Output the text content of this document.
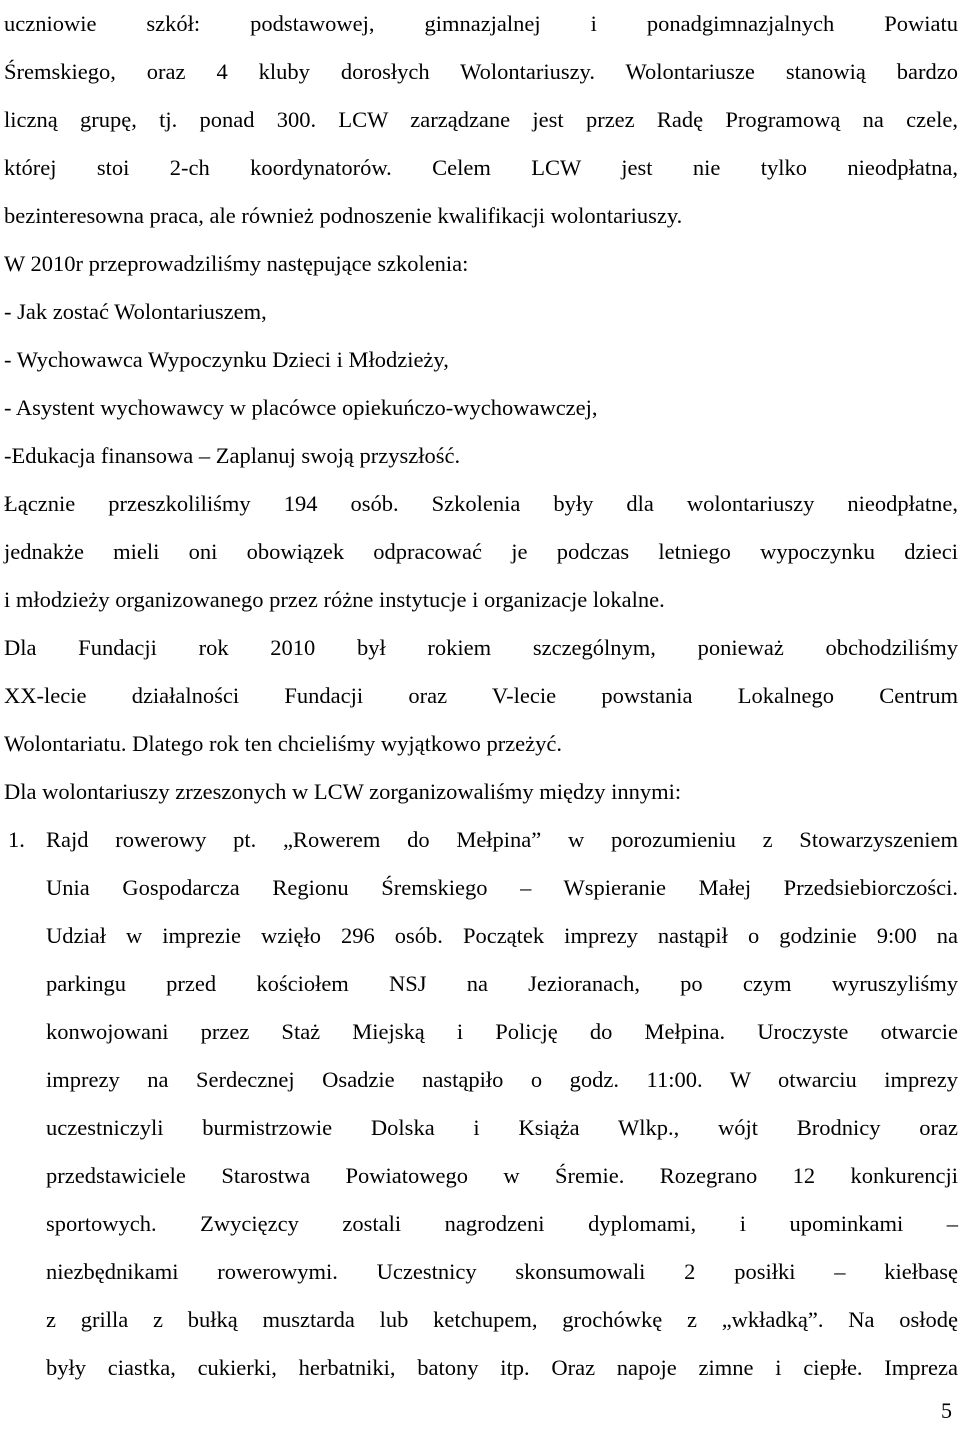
uczniowie szkół: podstawowej, gimnazjalnej i ponadgimnazjalnych Powiatu
Śremskiego, oraz 4 kluby dorosłych Wolontariuszy. Wolontariusze stanowią bardzo
liczną grupę, tj. ponad 300. LCW zarządzane jest przez Radę Programową na czele,
której stoi 2-ch koordynatorów. Celem LCW jest nie tylko nieodpłatna,
bezinteresowna praca, ale również podnoszenie kwalifikacji wolontariuszy.
W 2010r przeprowadziliśmy następujące szkolenia:
- Jak zostać Wolontariuszem,
- Wychowawca Wypoczynku Dzieci i Młodzieży,
- Asystent wychowawcy w placówce opiekuńczo-wychowawczej,
-Edukacja finansowa – Zaplanuj swoją przyszłość.
Łącznie przeszkoliliśmy 194 osób. Szkolenia były dla wolontariuszy nieodpłatne,
jednakże mieli oni obowiązek odpracować je podczas letniego wypoczynku dzieci
i młodzieży organizowanego przez różne instytucje i organizacje lokalne.
Dla Fundacji rok 2010 był rokiem szczególnym, ponieważ obchodziliśmy
XX-lecie działalności Fundacji oraz V-lecie powstania Lokalnego Centrum
Wolontariatu. Dlatego rok ten chcieliśmy wyjątkowo przeżyć.
Dla wolontariuszy zrzeszonych w LCW zorganizowaliśmy między innymi:
1. Rajd rowerowy pt. „Rowerem do Mełpina” w porozumieniu z Stowarzyszeniem
Unia Gospodarcza Regionu Śremskiego – Wspieranie Małej Przedsiebiorczości.
Udział w imprezie wzięło 296 osób. Początek imprezy nastąpił o godzinie 9:00 na
parkingu przed kościołem NSJ na Jezioranach, po czym wyruszyliśmy
konwojowani przez Staż Miejską i Policję do Mełpina. Uroczyste otwarcie
imprezy na Serdecznej Osadzie nastąpiło o godz. 11:00. W otwarciu imprezy
uczestniczyli burmistrzowie Dolska i Książa Wlkp., wójt Brodnicy oraz
przedstawiciele Starostwa Powiatowego w Śremie. Rozegrano 12 konkurencji
sportowych. Zwycięzcy zostali nagrodzeni dyplomami, i upominkami –
niezbędnikami rowerowymi. Uczestnicy skonsumowali 2 posiłki – kiełbasę
z grilla z bułką musztarda lub ketchupem, grochówkę z „wkładką”. Na osłodę
były ciastka, cukierki, herbatniki, batony itp. Oraz napoje zimne i ciepłe. Impreza
5
